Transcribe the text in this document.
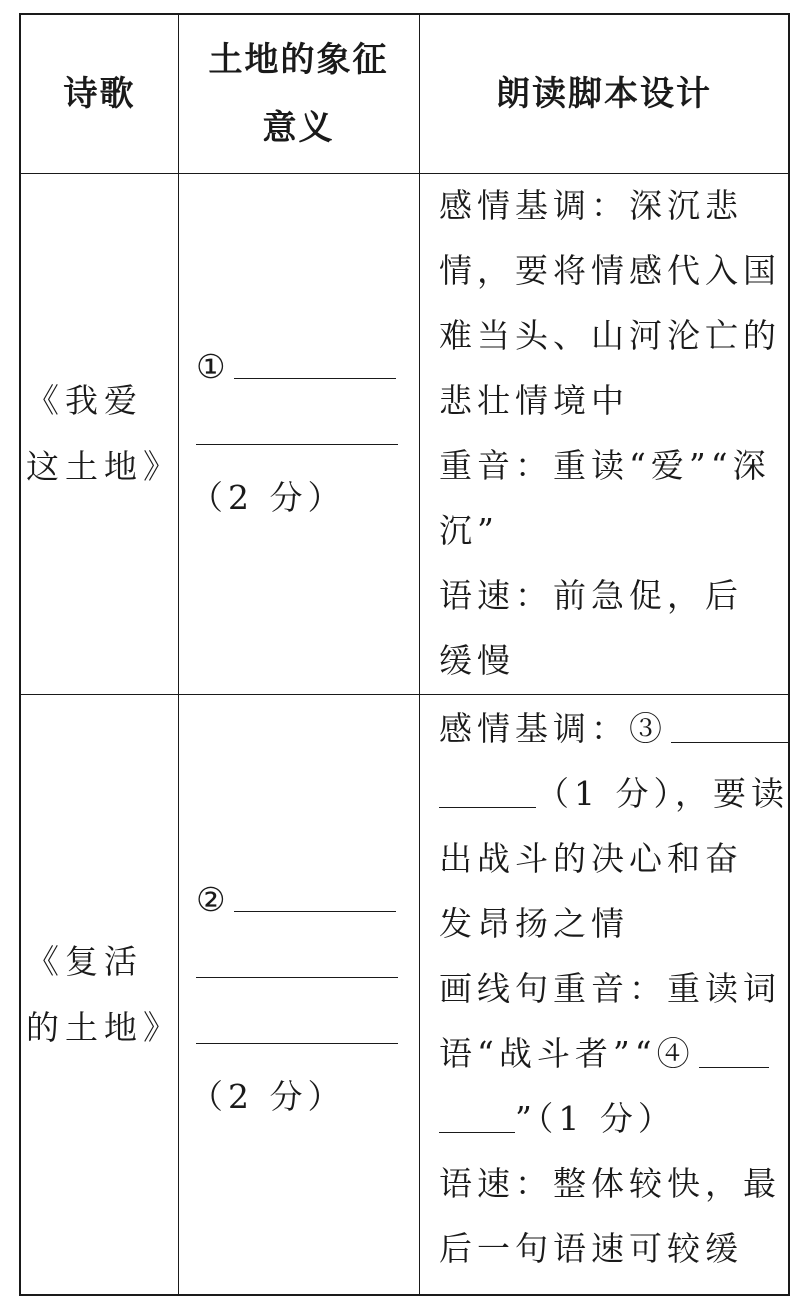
诗歌
土地的象征
意义
朗读脚本设计
《我爱
这土地》
①
（2 分）
感情基调：深沉悲
情，要将情感代入国
难当头、山河沦亡的
悲壮情境中
重音：重读“爱”“深
沉”
语速：前急促，后
缓慢
《复活
的土地》
②
（2 分）
感情基调：③
（1 分），要读
出战斗的决心和奋
发昂扬之情
画线句重音：重读词
语“战斗者”“④
”（1 分）
语速：整体较快，最
后一句语速可较缓
